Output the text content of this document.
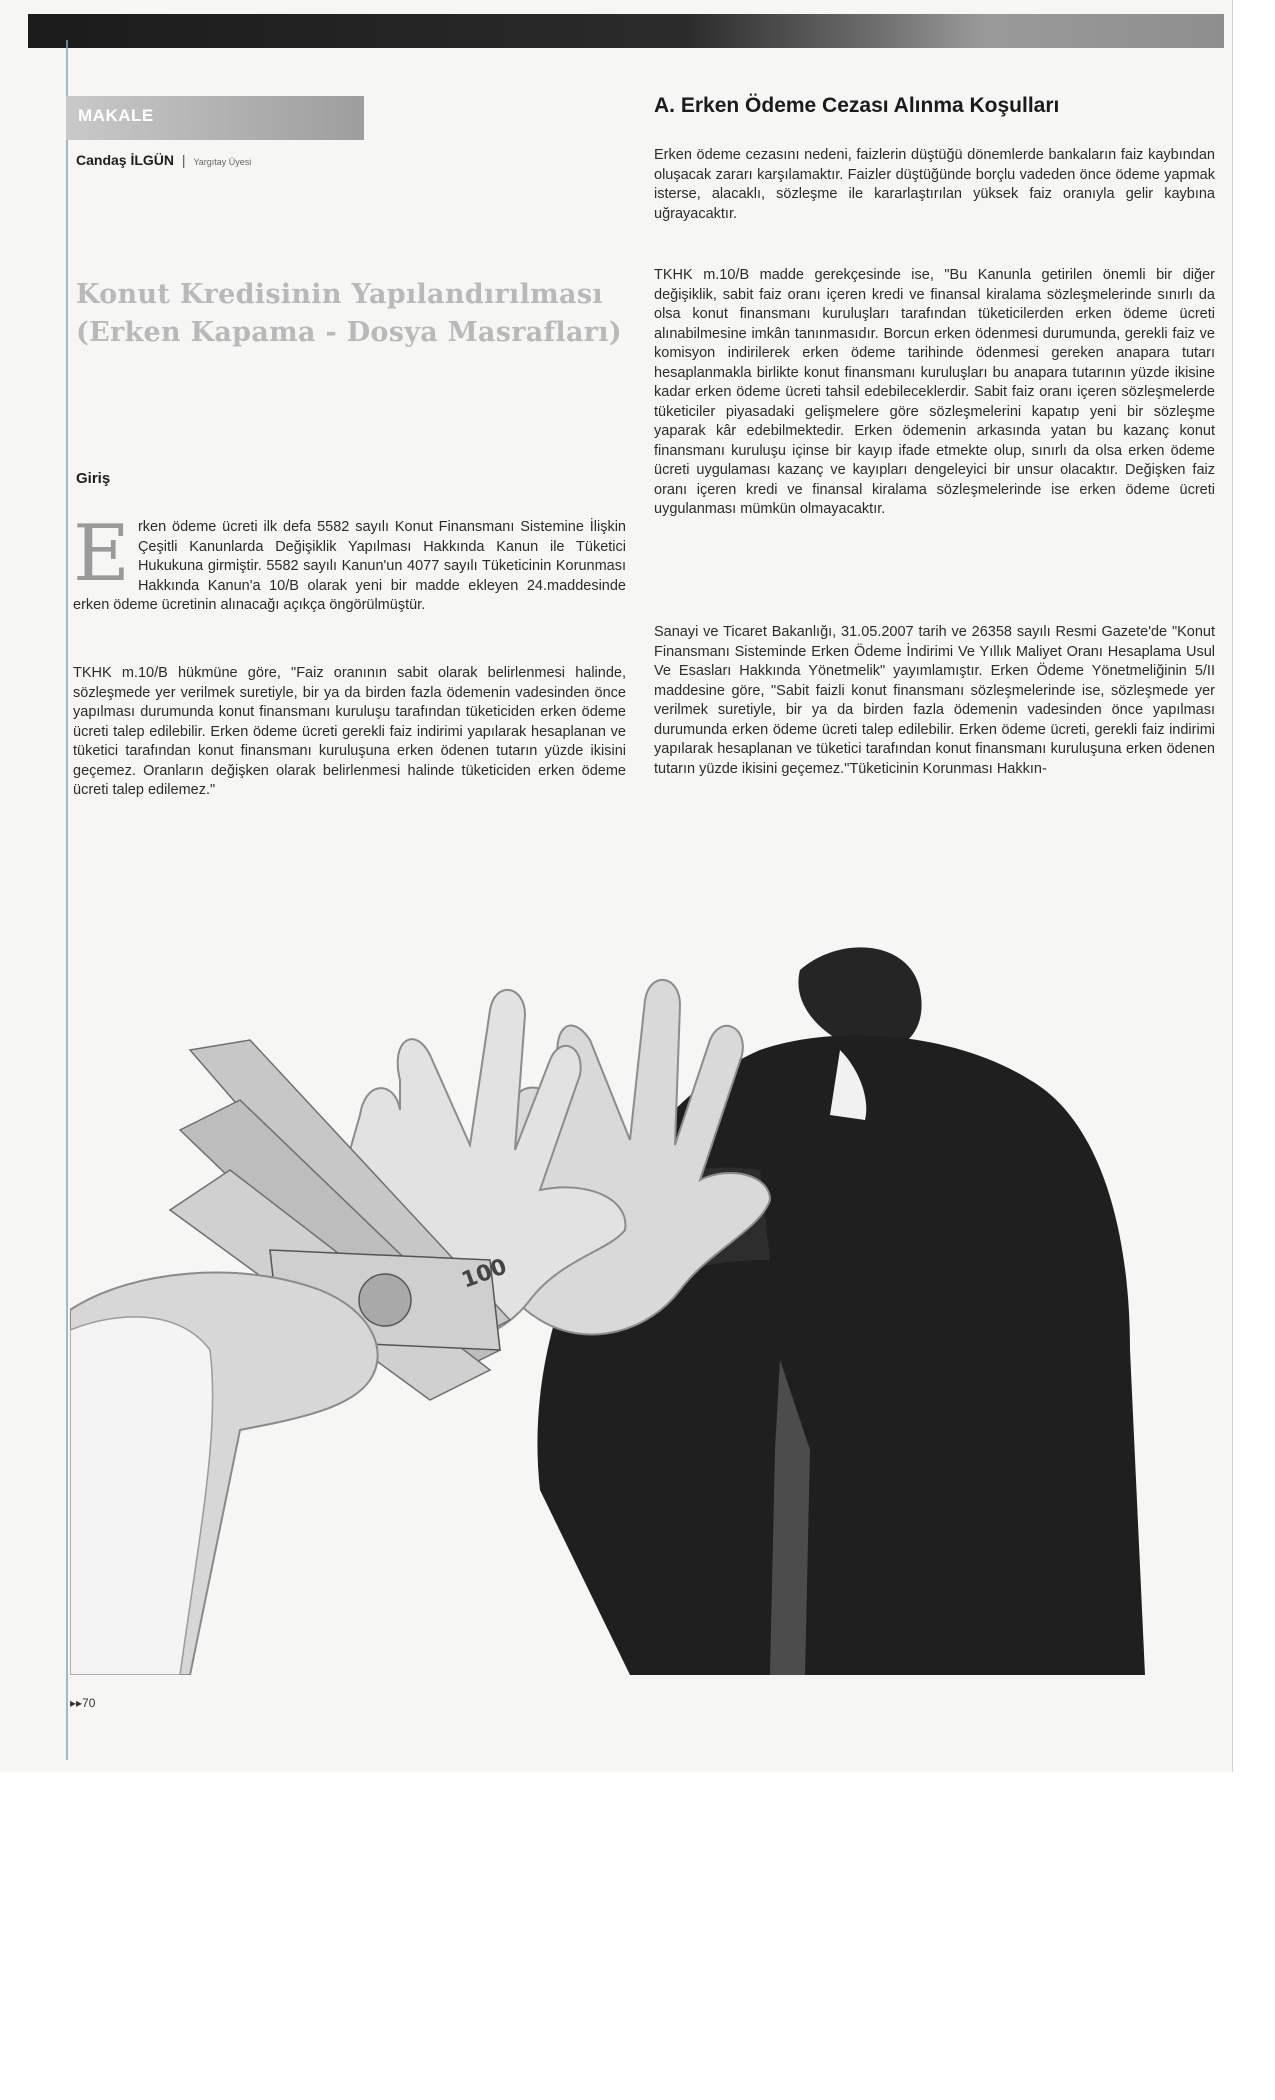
MAKALE
Candaş İLGÜN | Yargıtay Üyesi
Konut Kredisinin Yapılandırılması
(Erken Kapama - Dosya Masrafları)
Giriş

Erken ödeme ücreti ilk defa 5582 sayılı Konut Finansmanı Sistemine İlişkin Çeşitli Kanunlarda Değişiklik Yapılması Hakkında Kanun ile Tüketici Hukukuna girmiştir. 5582 sayılı Kanun'un 4077 sayılı Tüketicinin Korunması Hakkında Kanun'a 10/B olarak yeni bir madde ekleyen 24.maddesinde erken ödeme ücretinin alınacağı açıkça öngörülmüştür.

TKHK m.10/B hükmüne göre, "Faiz oranının sabit olarak belirlenmesi halinde, sözleşmede yer verilmek suretiyle, bir ya da birden fazla ödemenin vadesinden önce yapılması durumunda konut finansmanı kuruluşu tarafından tüketiciden erken ödeme ücreti talep edilebilir. Erken ödeme ücreti gerekli faiz indirimi yapılarak hesaplanan ve tüketici tarafından konut finansmanı kuruluşuna erken ödenen tutarın yüzde ikisini geçemez. Oranların değişken olarak belirlenmesi halinde tüketiciden erken ödeme ücreti talep edilemez."

A. Erken Ödeme Cezası Alınma Koşulları

Erken ödeme cezasını nedeni, faizlerin düştüğü dönemlerde bankaların faiz kaybından oluşacak zararı karşılamaktır. Faizler düştüğünde borçlu vadeden önce ödeme yapmak isterse, alacaklı, sözleşme ile kararlaştırılan yüksek faiz oranıyla gelir kaybına uğrayacaktır.

TKHK m.10/B madde gerekçesinde ise, "Bu Kanunla getirilen önemli bir diğer değişiklik, sabit faiz oranı içeren kredi ve finansal kiralama sözleşmelerinde sınırlı da olsa konut finansmanı kuruluşları tarafından tüketicilerden erken ödeme ücreti alınabilmesine imkân tanınmasıdır. Borcun erken ödenmesi durumunda, gerekli faiz ve komisyon indirilerek erken ödeme tarihinde ödenmesi gereken anapara tutarı hesaplanmakla birlikte konut finansmanı kuruluşları bu anapara tutarının yüzde ikisine kadar erken ödeme ücreti tahsil edebileceklerdir. Sabit faiz oranı içeren sözleşmelerde tüketiciler piyasadaki gelişmelere göre sözleşmelerini kapatıp yeni bir sözleşme yaparak kâr edebilmektedir. Erken ödemenin arkasında yatan bu kazanç konut finansmanı kuruluşu içinse bir kayıp ifade etmekte olup, sınırlı da olsa erken ödeme ücreti uygulaması kazanç ve kayıpları dengeleyici bir unsur olacaktır. Değişken faiz oranı içeren kredi ve finansal kiralama sözleşmelerinde ise erken ödeme ücreti uygulanması mümkün olmayacaktır.

Sanayi ve Ticaret Bakanlığı, 31.05.2007 tarih ve 26358 sayılı Resmi Gazete'de "Konut Finansmanı Sisteminde Erken Ödeme İndirimi Ve Yıllık Maliyet Oranı Hesaplama Usul Ve Esasları Hakkında Yönetmelik" yayımlamıştır. Erken Ödeme Yönetmeliğinin 5/II maddesine göre, "Sabit faizli konut finansmanı sözleşmelerinde ise, sözleşmede yer verilmek suretiyle, bir ya da birden fazla ödemenin vadesinden önce yapılması durumunda erken ödeme ücreti talep edilebilir. Erken ödeme ücreti, gerekli faiz indirimi yapılarak hesaplanan ve tüketici tarafından konut finansmanı kuruluşuna erken ödenen tutarın yüzde ikisini geçemez."Tüketicinin Korunması Hakkın-

100
▸▸70
